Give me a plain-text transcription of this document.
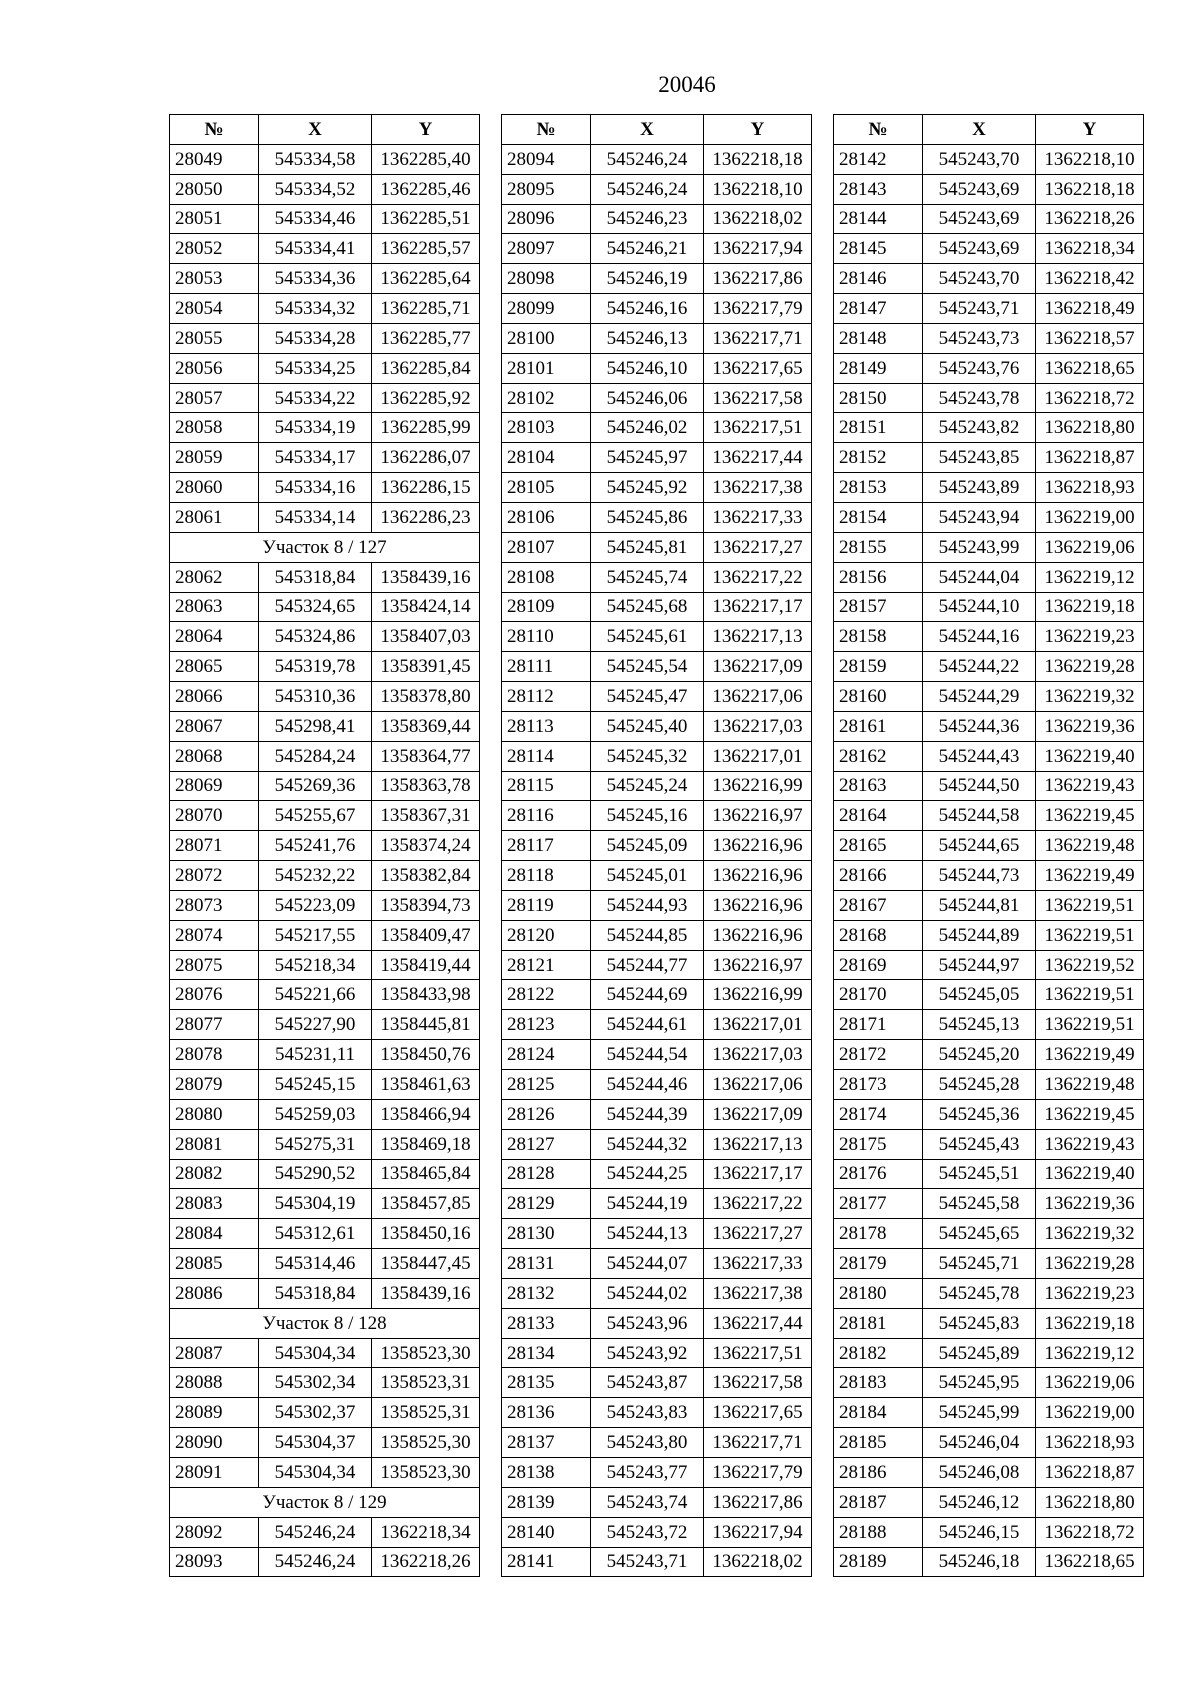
20046
№	X	Y
28049	545334,58	1362285,40
28050	545334,52	1362285,46
28051	545334,46	1362285,51
28052	545334,41	1362285,57
28053	545334,36	1362285,64
28054	545334,32	1362285,71
28055	545334,28	1362285,77
28056	545334,25	1362285,84
28057	545334,22	1362285,92
28058	545334,19	1362285,99
28059	545334,17	1362286,07
28060	545334,16	1362286,15
28061	545334,14	1362286,23
Участок 8 / 127		
28062	545318,84	1358439,16
28063	545324,65	1358424,14
28064	545324,86	1358407,03
28065	545319,78	1358391,45
28066	545310,36	1358378,80
28067	545298,41	1358369,44
28068	545284,24	1358364,77
28069	545269,36	1358363,78
28070	545255,67	1358367,31
28071	545241,76	1358374,24
28072	545232,22	1358382,84
28073	545223,09	1358394,73
28074	545217,55	1358409,47
28075	545218,34	1358419,44
28076	545221,66	1358433,98
28077	545227,90	1358445,81
28078	545231,11	1358450,76
28079	545245,15	1358461,63
28080	545259,03	1358466,94
28081	545275,31	1358469,18
28082	545290,52	1358465,84
28083	545304,19	1358457,85
28084	545312,61	1358450,16
28085	545314,46	1358447,45
28086	545318,84	1358439,16
Участок 8 / 128		
28087	545304,34	1358523,30
28088	545302,34	1358523,31
28089	545302,37	1358525,31
28090	545304,37	1358525,30
28091	545304,34	1358523,30
Участок 8 / 129		
28092	545246,24	1362218,34
28093	545246,24	1362218,26
№	X	Y
28094	545246,24	1362218,18
28095	545246,24	1362218,10
28096	545246,23	1362218,02
28097	545246,21	1362217,94
28098	545246,19	1362217,86
28099	545246,16	1362217,79
28100	545246,13	1362217,71
28101	545246,10	1362217,65
28102	545246,06	1362217,58
28103	545246,02	1362217,51
28104	545245,97	1362217,44
28105	545245,92	1362217,38
28106	545245,86	1362217,33
28107	545245,81	1362217,27
28108	545245,74	1362217,22
28109	545245,68	1362217,17
28110	545245,61	1362217,13
28111	545245,54	1362217,09
28112	545245,47	1362217,06
28113	545245,40	1362217,03
28114	545245,32	1362217,01
28115	545245,24	1362216,99
28116	545245,16	1362216,97
28117	545245,09	1362216,96
28118	545245,01	1362216,96
28119	545244,93	1362216,96
28120	545244,85	1362216,96
28121	545244,77	1362216,97
28122	545244,69	1362216,99
28123	545244,61	1362217,01
28124	545244,54	1362217,03
28125	545244,46	1362217,06
28126	545244,39	1362217,09
28127	545244,32	1362217,13
28128	545244,25	1362217,17
28129	545244,19	1362217,22
28130	545244,13	1362217,27
28131	545244,07	1362217,33
28132	545244,02	1362217,38
28133	545243,96	1362217,44
28134	545243,92	1362217,51
28135	545243,87	1362217,58
28136	545243,83	1362217,65
28137	545243,80	1362217,71
28138	545243,77	1362217,79
28139	545243,74	1362217,86
28140	545243,72	1362217,94
28141	545243,71	1362218,02
№	X	Y
28142	545243,70	1362218,10
28143	545243,69	1362218,18
28144	545243,69	1362218,26
28145	545243,69	1362218,34
28146	545243,70	1362218,42
28147	545243,71	1362218,49
28148	545243,73	1362218,57
28149	545243,76	1362218,65
28150	545243,78	1362218,72
28151	545243,82	1362218,80
28152	545243,85	1362218,87
28153	545243,89	1362218,93
28154	545243,94	1362219,00
28155	545243,99	1362219,06
28156	545244,04	1362219,12
28157	545244,10	1362219,18
28158	545244,16	1362219,23
28159	545244,22	1362219,28
28160	545244,29	1362219,32
28161	545244,36	1362219,36
28162	545244,43	1362219,40
28163	545244,50	1362219,43
28164	545244,58	1362219,45
28165	545244,65	1362219,48
28166	545244,73	1362219,49
28167	545244,81	1362219,51
28168	545244,89	1362219,51
28169	545244,97	1362219,52
28170	545245,05	1362219,51
28171	545245,13	1362219,51
28172	545245,20	1362219,49
28173	545245,28	1362219,48
28174	545245,36	1362219,45
28175	545245,43	1362219,43
28176	545245,51	1362219,40
28177	545245,58	1362219,36
28178	545245,65	1362219,32
28179	545245,71	1362219,28
28180	545245,78	1362219,23
28181	545245,83	1362219,18
28182	545245,89	1362219,12
28183	545245,95	1362219,06
28184	545245,99	1362219,00
28185	545246,04	1362218,93
28186	545246,08	1362218,87
28187	545246,12	1362218,80
28188	545246,15	1362218,72
28189	545246,18	1362218,65
